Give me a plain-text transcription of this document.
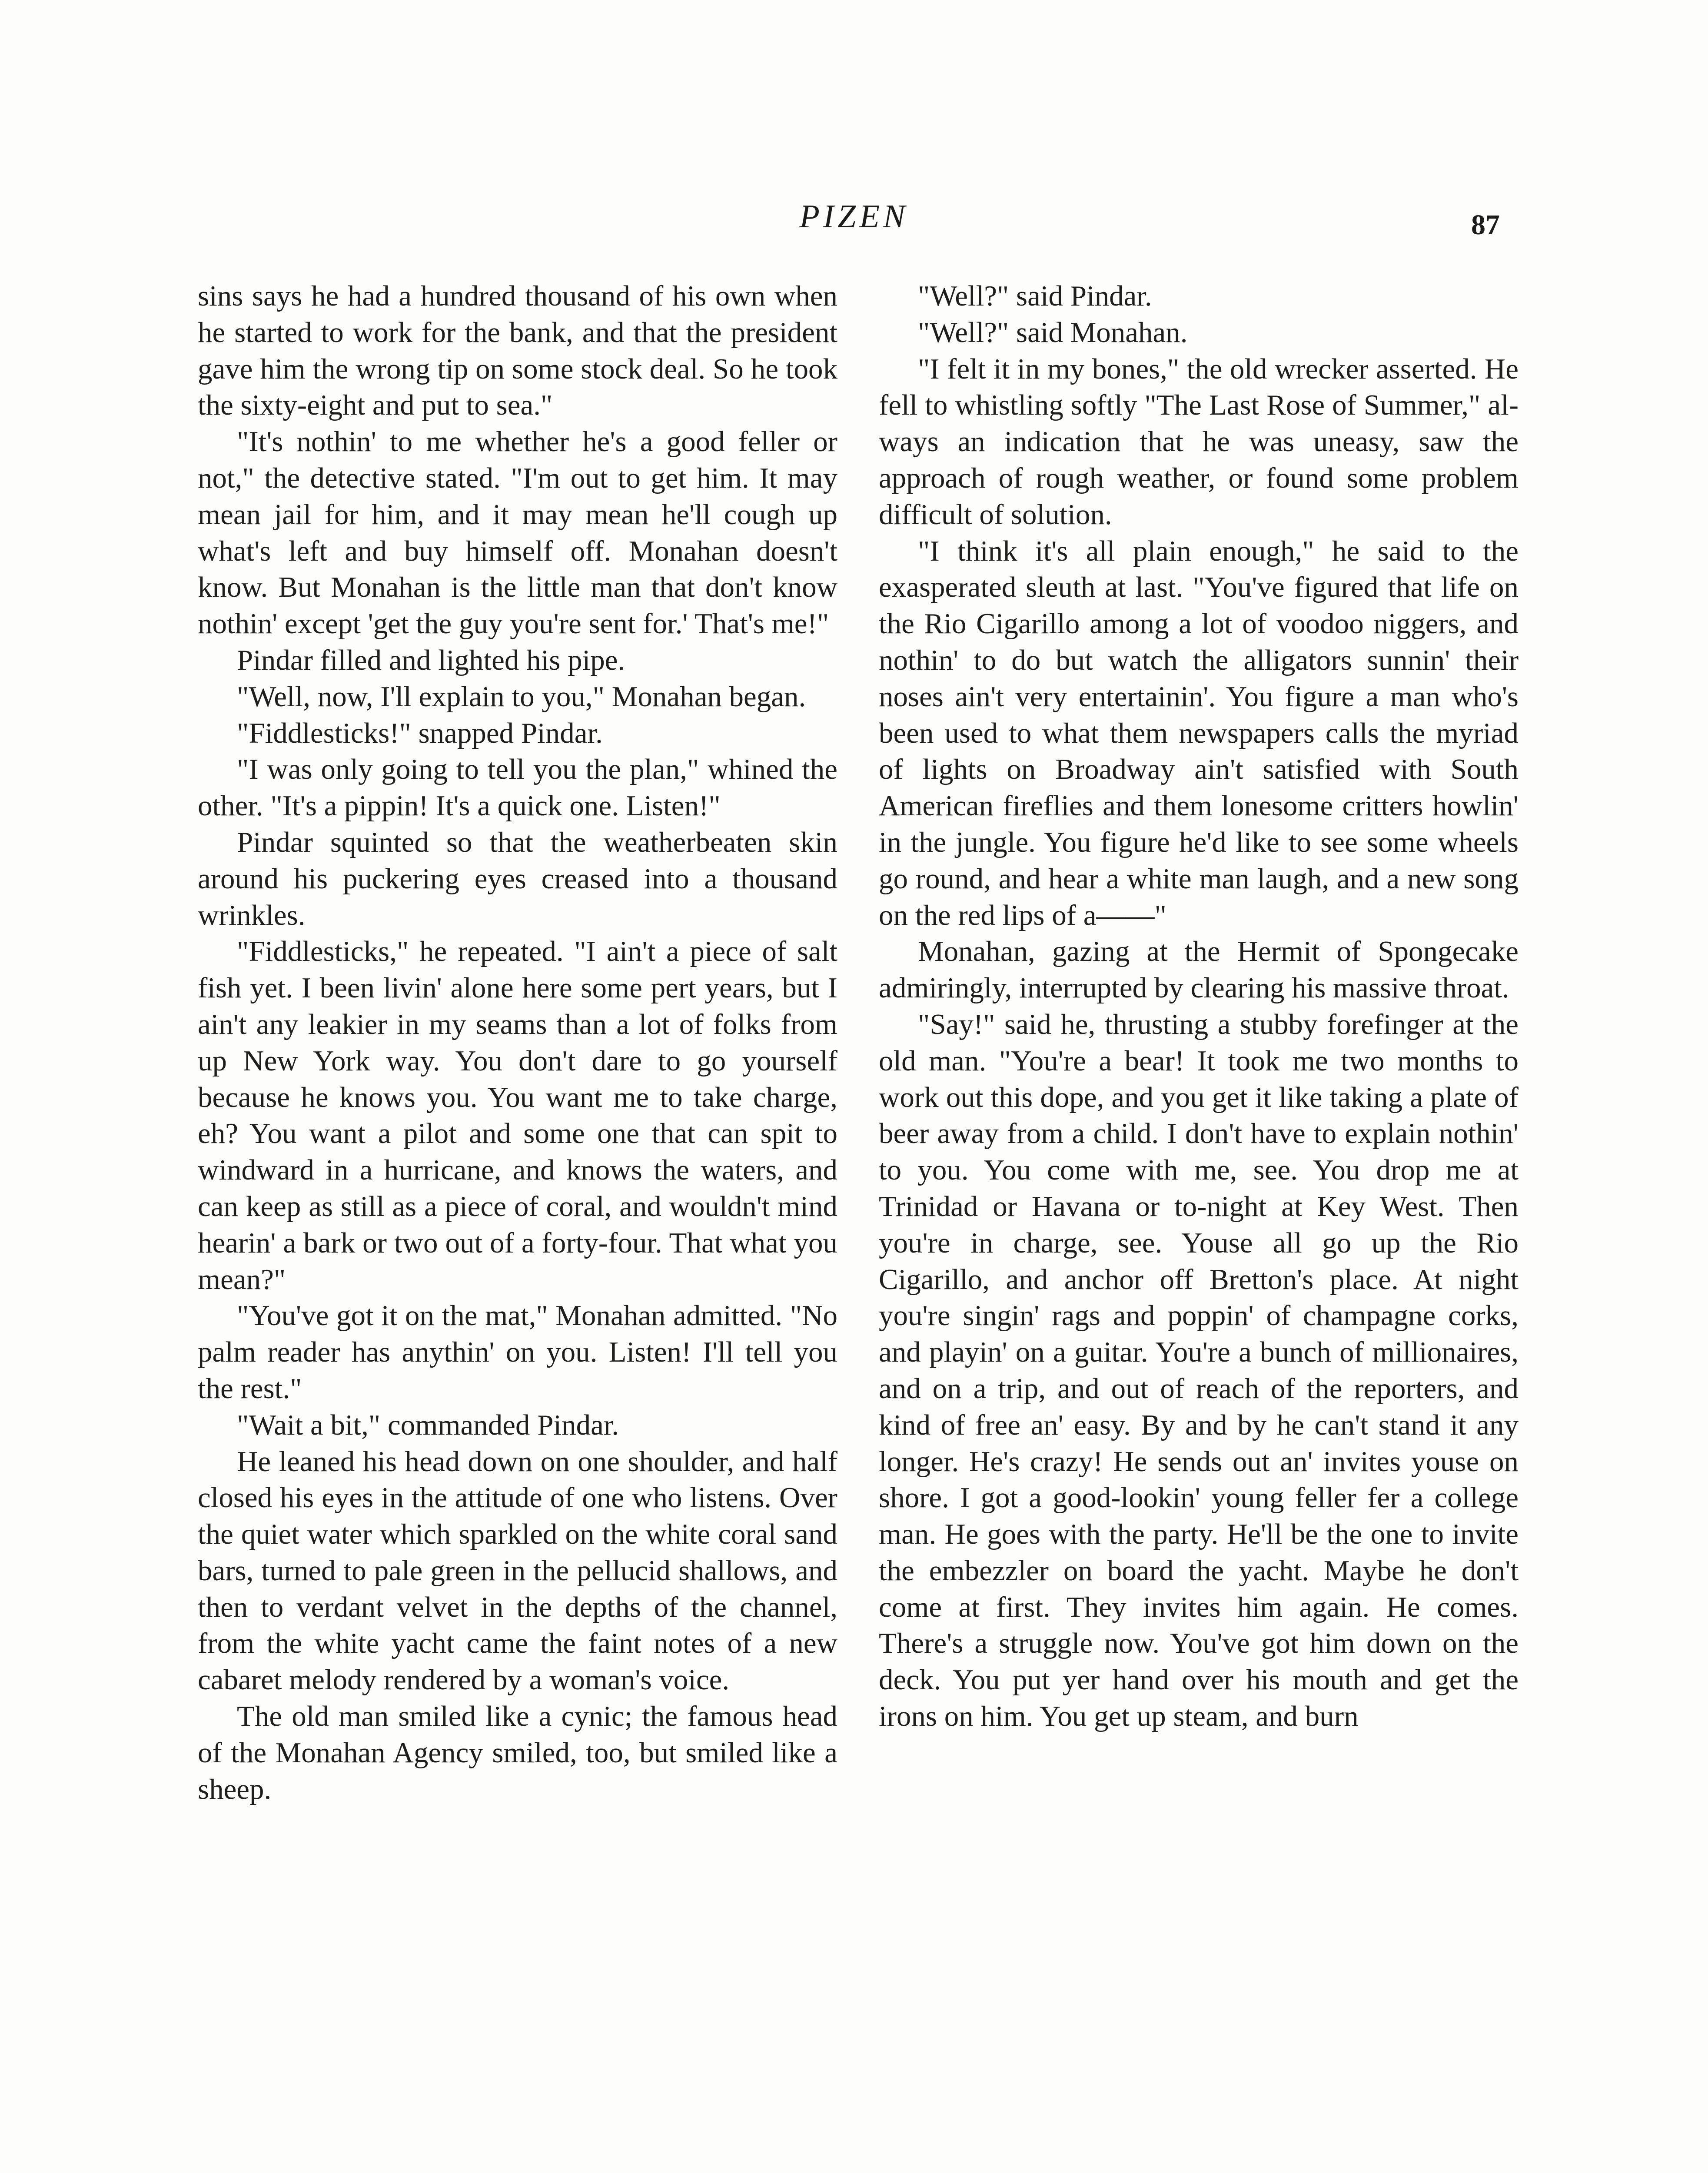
PIZEN	87

sins says he had a hundred thousand of his own when he started to work for the bank, and that the president gave him the wrong tip on some stock deal. So he took the sixty-eight and put to sea."

"It's nothin' to me whether he's a good feller or not," the detective stated. "I'm out to get him. It may mean jail for him, and it may mean he'll cough up what's left and buy himself off. Monahan doesn't know. But Monahan is the little man that don't know nothin' except 'get the guy you're sent for.' That's me!"

Pindar filled and lighted his pipe.

"Well, now, I'll explain to you," Monahan began.

"Fiddlesticks!" snapped Pindar.

"I was only going to tell you the plan," whined the other. "It's a pippin! It's a quick one. Listen!"

Pindar squinted so that the weatherbeaten skin around his puckering eyes creased into a thousand wrinkles.

"Fiddlesticks," he repeated. "I ain't a piece of salt fish yet. I been livin' alone here some pert years, but I ain't any leakier in my seams than a lot of folks from up New York way. You don't dare to go yourself because he knows you. You want me to take charge, eh? You want a pilot and some one that can spit to windward in a hurricane, and knows the waters, and can keep as still as a piece of coral, and wouldn't mind hearin' a bark or two out of a forty-four. That what you mean?"

"You've got it on the mat," Monahan admitted. "No palm reader has anythin' on you. Listen! I'll tell you the rest."

"Wait a bit," commanded Pindar.

He leaned his head down on one shoulder, and half closed his eyes in the attitude of one who listens. Over the quiet water which sparkled on the white coral sand bars, turned to pale green in the pellucid shallows, and then to verdant velvet in the depths of the channel, from the white yacht came the faint notes of a new cabaret melody rendered by a woman's voice.

The old man smiled like a cynic; the famous head of the Monahan Agency smiled, too, but smiled like a sheep.

"Well?" said Pindar.

"Well?" said Monahan.

"I felt it in my bones," the old wrecker asserted. He fell to whistling softly "The Last Rose of Summer," always an indication that he was uneasy, saw the approach of rough weather, or found some problem difficult of solution.

"I think it's all plain enough," he said to the exasperated sleuth at last. "You've figured that life on the Rio Cigarillo among a lot of voodoo niggers, and nothin' to do but watch the alligators sunnin' their noses ain't very entertainin'. You figure a man who's been used to what them newspapers calls the myriad of lights on Broadway ain't satisfied with South American fireflies and them lonesome critters howlin' in the jungle. You figure he'd like to see some wheels go round, and hear a white man laugh, and a new song on the red lips of a——"

Monahan, gazing at the Hermit of Spongecake admiringly, interrupted by clearing his massive throat.

"Say!" said he, thrusting a stubby forefinger at the old man. "You're a bear! It took me two months to work out this dope, and you get it like taking a plate of beer away from a child. I don't have to explain nothin' to you. You come with me, see. You drop me at Trinidad or Havana or to-night at Key West. Then you're in charge, see. Youse all go up the Rio Cigarillo, and anchor off Bretton's place. At night you're singin' rags and poppin' of champagne corks, and playin' on a guitar. You're a bunch of millionaires, and on a trip, and out of reach of the reporters, and kind of free an' easy. By and by he can't stand it any longer. He's crazy! He sends out an' invites youse on shore. I got a good-lookin' young feller fer a college man. He goes with the party. He'll be the one to invite the embezzler on board the yacht. Maybe he don't come at first. They invites him again. He comes. There's a struggle now. You've got him down on the deck. You put yer hand over his mouth and get the irons on him. You get up steam, and burn
